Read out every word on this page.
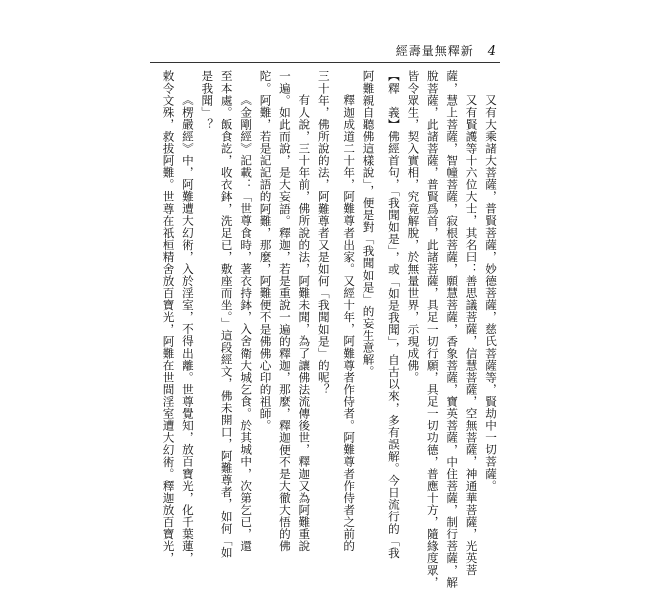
經壽量無釋新 4
又有大乘諸大菩薩，普賢菩薩，妙德菩薩，慈氏菩薩等，賢劫中一切菩薩。
又有賢護等十六位大士，其名曰：善思議菩薩，信慧菩薩，空無菩薩，神通華菩薩，光英菩
薩，慧上菩薩，智幢菩薩，寂根菩薩，願慧菩薩，香象菩薩，寶英菩薩，中住菩薩，制行菩薩，解
脫菩薩，此諸菩薩，普賢爲首，此諸菩薩，具足一切行願，具足一切功德，普應十方，隨緣度眾，
皆令眾生，契入實相，究竟解脫，於無量世界，示現成佛。
【釋　義】佛經首句，「我聞如是」，或「如是我聞」，自古以來，多有誤解。今日流行的「我
阿難親自聽佛這樣說」，便是對「我聞如是」的妄生意解。
釋迦成道二十年，阿難尊者出家。又經十年，阿難尊者作侍者。阿難尊者作侍者之前的
三十年，佛所說的法，阿難尊者又是如何「我聞如是」的呢？
有人說，三十年前，佛所說的法，阿難未聞，為了讓佛法流傳後世，釋迦又為阿難重說
一遍。如此而說，是大妄語。釋迦，若是重說一遍的釋迦，那麼，釋迦便不是大徹大悟的佛
陀。阿難，若是記記語的阿難，那麼，阿難便不是佛佛心印的祖師。
《金剛經》記載：「世尊食時，著衣持鉢，入舍衛大城乞食。於其城中，次第乞已，還
至本處。飯食訖，收衣鉢，洗足已，敷座而坐。」這段經文，佛未開口，阿難尊者，如何「如
是我聞」？
《楞嚴經》中，阿難遭大幻術，入於淫室，不得出離。世尊覺知，放百寶光，化千葉蓮，
敕令文殊，救拔阿難。世尊在祇桓精舍放百寶光，阿難在世間淫室遭大幻術。釋迦放百寶光，
